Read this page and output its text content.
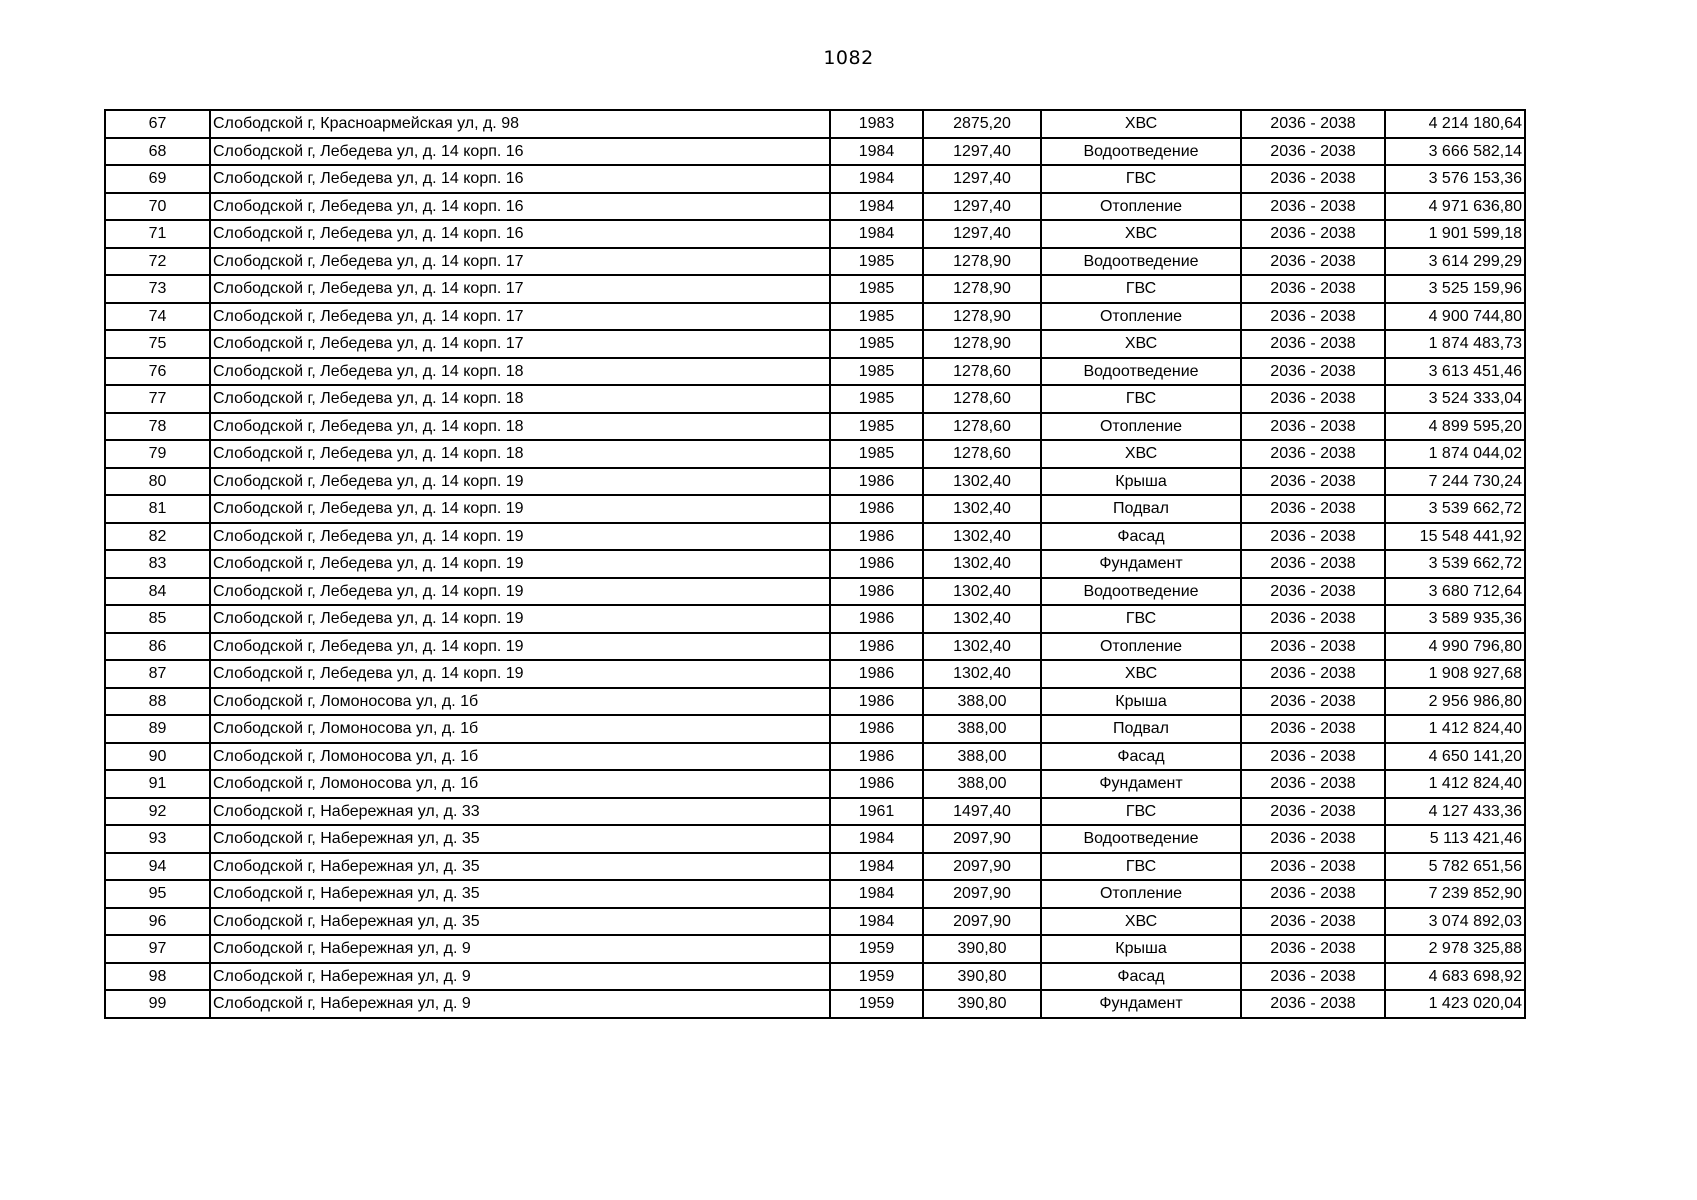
1082
67	Слободской г, Красноармейская ул, д. 98	1983	2875,20	ХВС	2036 - 2038	4 214 180,64
68	Слободской г, Лебедева ул, д. 14 корп. 16	1984	1297,40	Водоотведение	2036 - 2038	3 666 582,14
69	Слободской г, Лебедева ул, д. 14 корп. 16	1984	1297,40	ГВС	2036 - 2038	3 576 153,36
70	Слободской г, Лебедева ул, д. 14 корп. 16	1984	1297,40	Отопление	2036 - 2038	4 971 636,80
71	Слободской г, Лебедева ул, д. 14 корп. 16	1984	1297,40	ХВС	2036 - 2038	1 901 599,18
72	Слободской г, Лебедева ул, д. 14 корп. 17	1985	1278,90	Водоотведение	2036 - 2038	3 614 299,29
73	Слободской г, Лебедева ул, д. 14 корп. 17	1985	1278,90	ГВС	2036 - 2038	3 525 159,96
74	Слободской г, Лебедева ул, д. 14 корп. 17	1985	1278,90	Отопление	2036 - 2038	4 900 744,80
75	Слободской г, Лебедева ул, д. 14 корп. 17	1985	1278,90	ХВС	2036 - 2038	1 874 483,73
76	Слободской г, Лебедева ул, д. 14 корп. 18	1985	1278,60	Водоотведение	2036 - 2038	3 613 451,46
77	Слободской г, Лебедева ул, д. 14 корп. 18	1985	1278,60	ГВС	2036 - 2038	3 524 333,04
78	Слободской г, Лебедева ул, д. 14 корп. 18	1985	1278,60	Отопление	2036 - 2038	4 899 595,20
79	Слободской г, Лебедева ул, д. 14 корп. 18	1985	1278,60	ХВС	2036 - 2038	1 874 044,02
80	Слободской г, Лебедева ул, д. 14 корп. 19	1986	1302,40	Крыша	2036 - 2038	7 244 730,24
81	Слободской г, Лебедева ул, д. 14 корп. 19	1986	1302,40	Подвал	2036 - 2038	3 539 662,72
82	Слободской г, Лебедева ул, д. 14 корп. 19	1986	1302,40	Фасад	2036 - 2038	15 548 441,92
83	Слободской г, Лебедева ул, д. 14 корп. 19	1986	1302,40	Фундамент	2036 - 2038	3 539 662,72
84	Слободской г, Лебедева ул, д. 14 корп. 19	1986	1302,40	Водоотведение	2036 - 2038	3 680 712,64
85	Слободской г, Лебедева ул, д. 14 корп. 19	1986	1302,40	ГВС	2036 - 2038	3 589 935,36
86	Слободской г, Лебедева ул, д. 14 корп. 19	1986	1302,40	Отопление	2036 - 2038	4 990 796,80
87	Слободской г, Лебедева ул, д. 14 корп. 19	1986	1302,40	ХВС	2036 - 2038	1 908 927,68
88	Слободской г, Ломоносова ул, д. 1б	1986	388,00	Крыша	2036 - 2038	2 956 986,80
89	Слободской г, Ломоносова ул, д. 1б	1986	388,00	Подвал	2036 - 2038	1 412 824,40
90	Слободской г, Ломоносова ул, д. 1б	1986	388,00	Фасад	2036 - 2038	4 650 141,20
91	Слободской г, Ломоносова ул, д. 1б	1986	388,00	Фундамент	2036 - 2038	1 412 824,40
92	Слободской г, Набережная ул, д. 33	1961	1497,40	ГВС	2036 - 2038	4 127 433,36
93	Слободской г, Набережная ул, д. 35	1984	2097,90	Водоотведение	2036 - 2038	5 113 421,46
94	Слободской г, Набережная ул, д. 35	1984	2097,90	ГВС	2036 - 2038	5 782 651,56
95	Слободской г, Набережная ул, д. 35	1984	2097,90	Отопление	2036 - 2038	7 239 852,90
96	Слободской г, Набережная ул, д. 35	1984	2097,90	ХВС	2036 - 2038	3 074 892,03
97	Слободской г, Набережная ул, д. 9	1959	390,80	Крыша	2036 - 2038	2 978 325,88
98	Слободской г, Набережная ул, д. 9	1959	390,80	Фасад	2036 - 2038	4 683 698,92
99	Слободской г, Набережная ул, д. 9	1959	390,80	Фундамент	2036 - 2038	1 423 020,04
